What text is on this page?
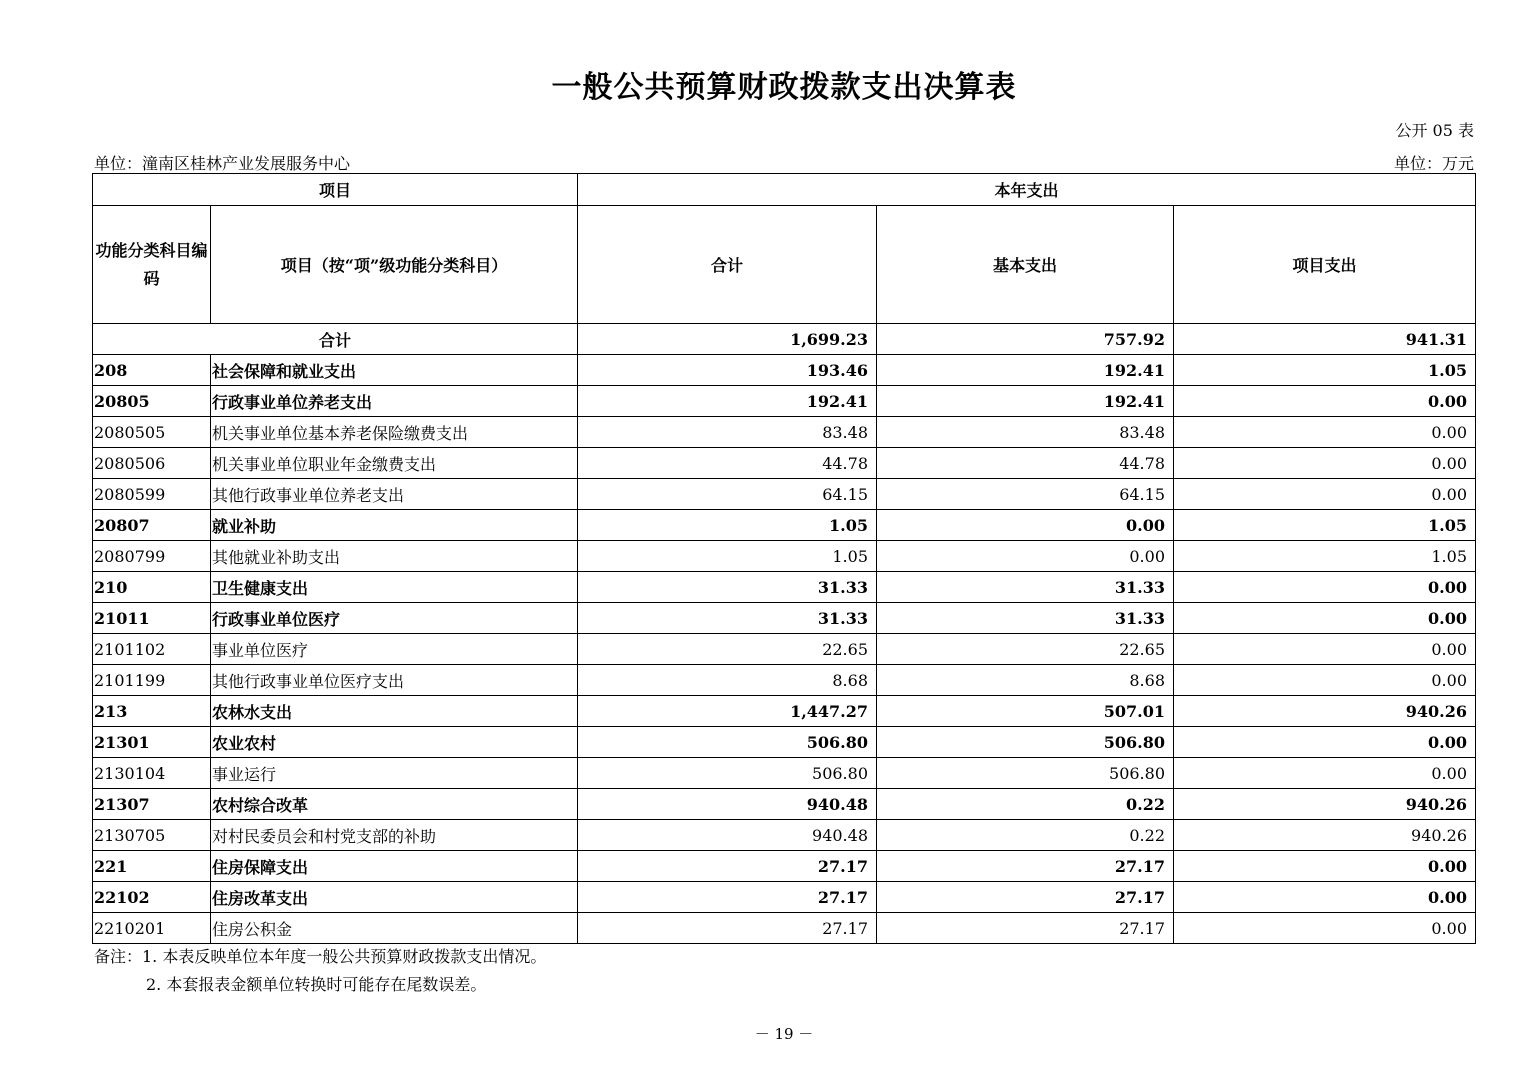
一般公共预算财政拨款支出决算表
公开 05 表
单位：潼南区桂林产业发展服务中心	单位：万元
项目		本年支出		
功能分类科目编码	项目（按“项”级功能分类科目）	合计	基本支出	项目支出
合计		1,699.23	757.92	941.31
208	社会保障和就业支出	193.46	192.41	1.05
20805	行政事业单位养老支出	192.41	192.41	0.00
2080505	机关事业单位基本养老保险缴费支出	83.48	83.48	0.00
2080506	机关事业单位职业年金缴费支出	44.78	44.78	0.00
2080599	其他行政事业单位养老支出	64.15	64.15	0.00
20807	就业补助	1.05	0.00	1.05
2080799	其他就业补助支出	1.05	0.00	1.05
210	卫生健康支出	31.33	31.33	0.00
21011	行政事业单位医疗	31.33	31.33	0.00
2101102	事业单位医疗	22.65	22.65	0.00
2101199	其他行政事业单位医疗支出	8.68	8.68	0.00
213	农林水支出	1,447.27	507.01	940.26
21301	农业农村	506.80	506.80	0.00
2130104	事业运行	506.80	506.80	0.00
21307	农村综合改革	940.48	0.22	940.26
2130705	对村民委员会和村党支部的补助	940.48	0.22	940.26
221	住房保障支出	27.17	27.17	0.00
22102	住房改革支出	27.17	27.17	0.00
2210201	住房公积金	27.17	27.17	0.00
备注：1. 本表反映单位本年度一般公共预算财政拨款支出情况。
2. 本套报表金额单位转换时可能存在尾数误差。
－ 19 －
